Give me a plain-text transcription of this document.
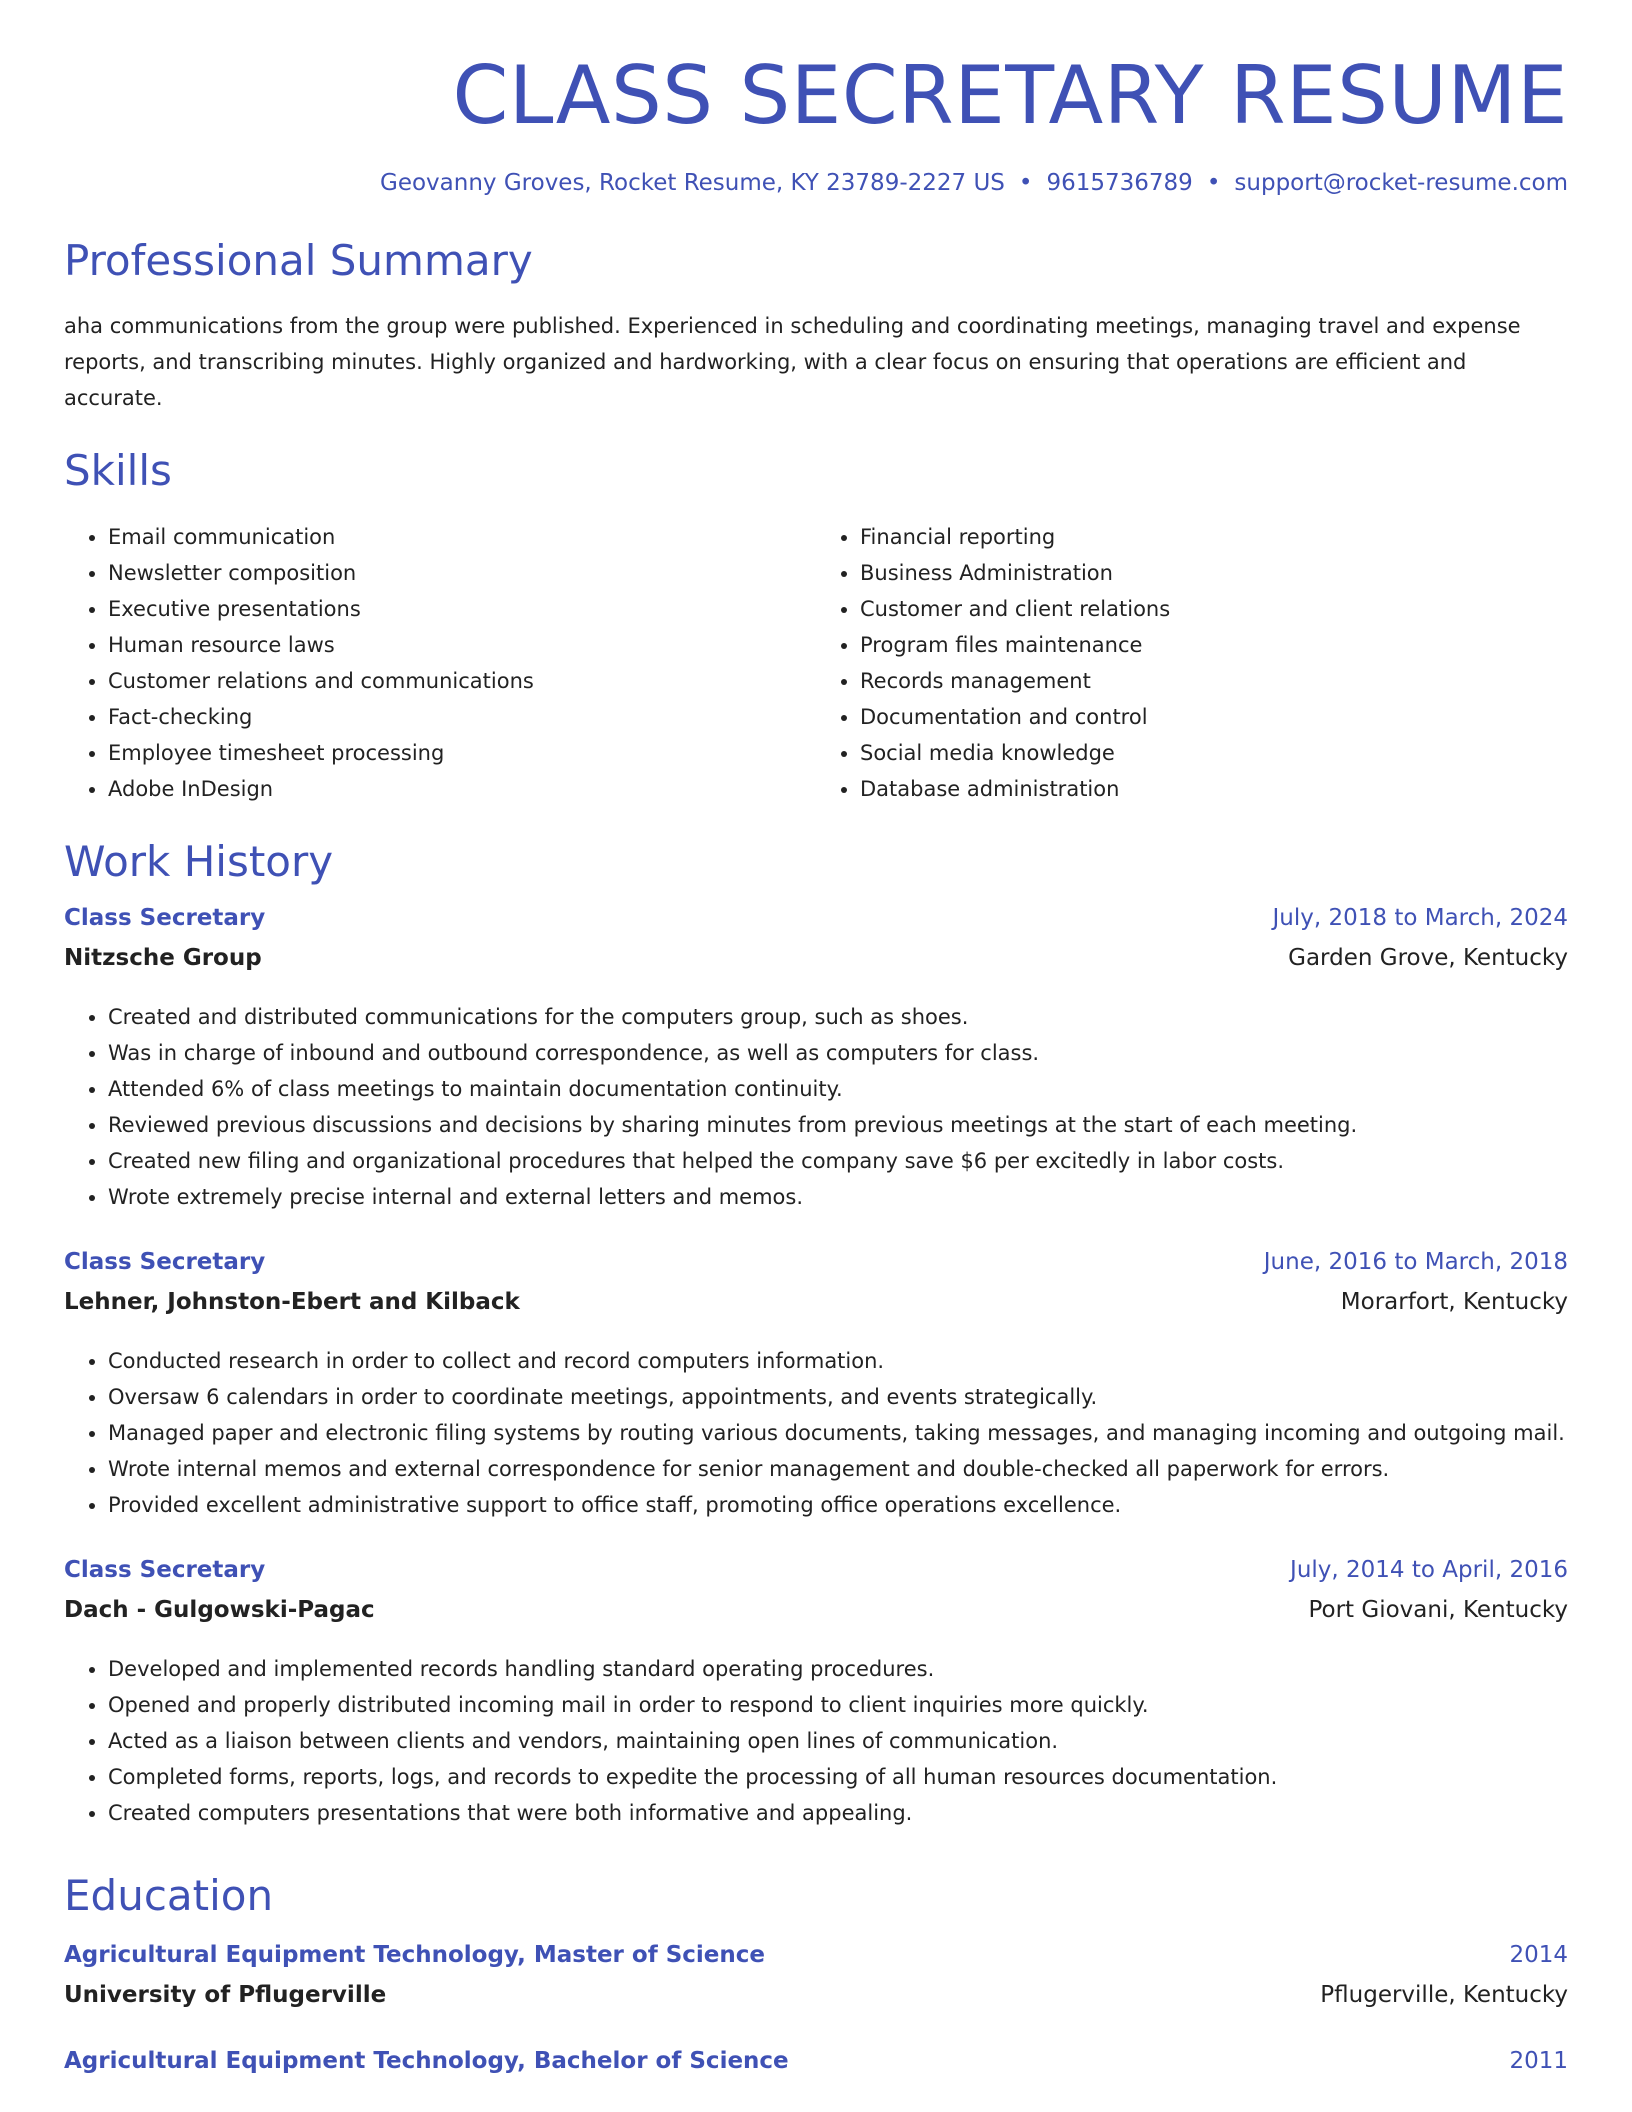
CLASS SECRETARY RESUME
Geovanny Groves, Rocket Resume, KY 23789-2227 US • 9615736789 • support@rocket-resume.com
Professional Summary
aha communications from the group were published. Experienced in scheduling and coordinating meetings, managing travel and expense reports, and transcribing minutes. Highly organized and hardworking, with a clear focus on ensuring that operations are efficient and accurate.
Skills
• Email communication
• Newsletter composition
• Executive presentations
• Human resource laws
• Customer relations and communications
• Fact-checking
• Employee timesheet processing
• Adobe InDesign
• Financial reporting
• Business Administration
• Customer and client relations
• Program files maintenance
• Records management
• Documentation and control
• Social media knowledge
• Database administration
Work History
Class Secretary	July, 2018 to March, 2024
Nitzsche Group	Garden Grove, Kentucky
• Created and distributed communications for the computers group, such as shoes.
• Was in charge of inbound and outbound correspondence, as well as computers for class.
• Attended 6% of class meetings to maintain documentation continuity.
• Reviewed previous discussions and decisions by sharing minutes from previous meetings at the start of each meeting.
• Created new filing and organizational procedures that helped the company save $6 per excitedly in labor costs.
• Wrote extremely precise internal and external letters and memos.
Class Secretary	June, 2016 to March, 2018
Lehner, Johnston-Ebert and Kilback	Morarfort, Kentucky
• Conducted research in order to collect and record computers information.
• Oversaw 6 calendars in order to coordinate meetings, appointments, and events strategically.
• Managed paper and electronic filing systems by routing various documents, taking messages, and managing incoming and outgoing mail.
• Wrote internal memos and external correspondence for senior management and double-checked all paperwork for errors.
• Provided excellent administrative support to office staff, promoting office operations excellence.
Class Secretary	July, 2014 to April, 2016
Dach - Gulgowski-Pagac	Port Giovani, Kentucky
• Developed and implemented records handling standard operating procedures.
• Opened and properly distributed incoming mail in order to respond to client inquiries more quickly.
• Acted as a liaison between clients and vendors, maintaining open lines of communication.
• Completed forms, reports, logs, and records to expedite the processing of all human resources documentation.
• Created computers presentations that were both informative and appealing.
Education
Agricultural Equipment Technology, Master of Science	2014
University of Pflugerville	Pflugerville, Kentucky
Agricultural Equipment Technology, Bachelor of Science	2011
